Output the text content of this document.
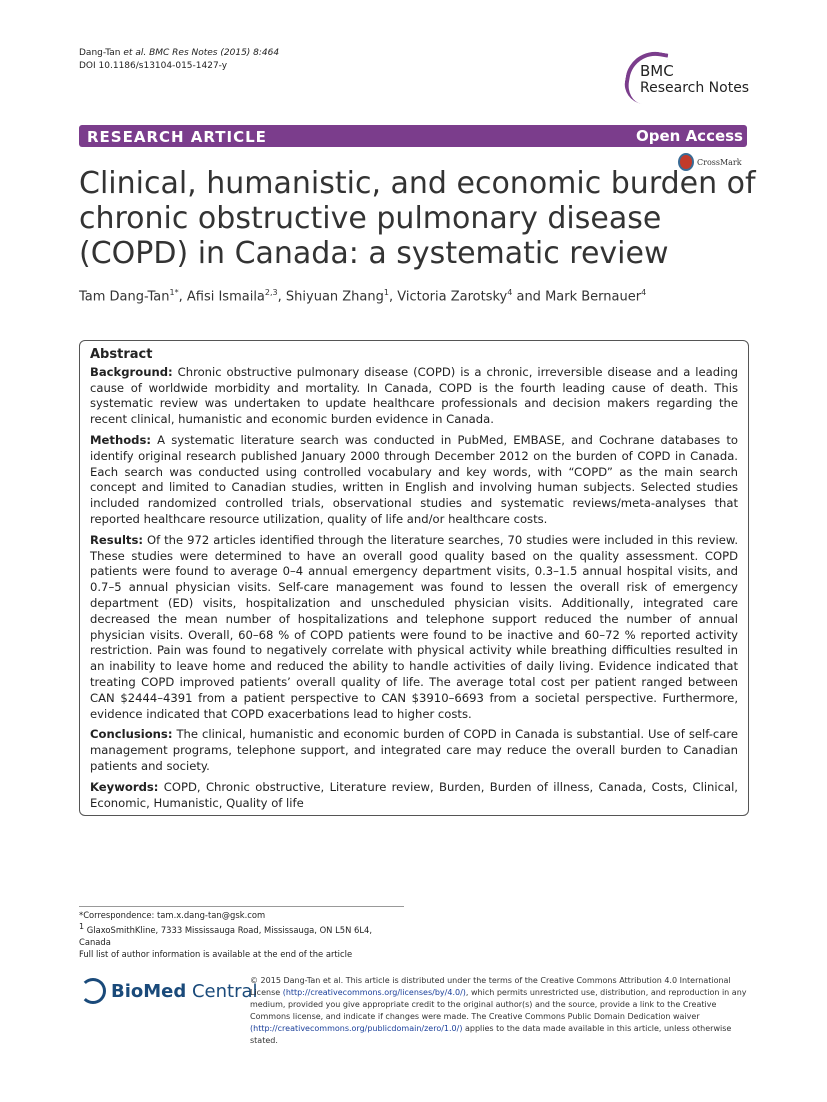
Dang-Tan et al. BMC Res Notes (2015) 8:464
DOI 10.1186/s13104-015-1427-y	BMC
Research Notes
RESEARCH ARTICLE	Open Access
CrossMark
Clinical, humanistic, and economic burden of chronic obstructive pulmonary disease (COPD) in Canada: a systematic review
Tam Dang-Tan$^{1*}$, Afisi Ismaila$^{2,3}$, Shiyuan Zhang$^1$, Victoria Zarotsky$^4$ and Mark Bernauer$^4$
Abstract

Background: Chronic obstructive pulmonary disease (COPD) is a chronic, irreversible disease and a leading cause of worldwide morbidity and mortality. In Canada, COPD is the fourth leading cause of death. This systematic review was undertaken to update healthcare professionals and decision makers regarding the recent clinical, humanistic and economic burden evidence in Canada.

Methods: A systematic literature search was conducted in PubMed, EMBASE, and Cochrane databases to identify original research published January 2000 through December 2012 on the burden of COPD in Canada. Each search was conducted using controlled vocabulary and key words, with “COPD” as the main search concept and limited to Canadian studies, written in English and involving human subjects. Selected studies included randomized controlled trials, observational studies and systematic reviews/meta-analyses that reported healthcare resource utilization, quality of life and/or healthcare costs.

Results: Of the 972 articles identified through the literature searches, 70 studies were included in this review. These studies were determined to have an overall good quality based on the quality assessment. COPD patients were found to average 0–4 annual emergency department visits, 0.3–1.5 annual hospital visits, and 0.7–5 annual physician visits. Self-care management was found to lessen the overall risk of emergency department (ED) visits, hospitalization and unscheduled physician visits. Additionally, integrated care decreased the mean number of hospitalizations and telephone support reduced the number of annual physician visits. Overall, 60–68 % of COPD patients were found to be inactive and 60–72 % reported activity restriction. Pain was found to negatively correlate with physical activity while breathing difficulties resulted in an inability to leave home and reduced the ability to handle activities of daily living. Evidence indicated that treating COPD improved patients’ overall quality of life. The average total cost per patient ranged between CAN $2444–4391 from a patient perspective to CAN $3910–6693 from a societal perspective. Furthermore, evidence indicated that COPD exacerbations lead to higher costs.

Conclusions: The clinical, humanistic and economic burden of COPD in Canada is substantial. Use of self-care management programs, telephone support, and integrated care may reduce the overall burden to Canadian patients and society.

Keywords: COPD, Chronic obstructive, Literature review, Burden, Burden of illness, Canada, Costs, Clinical, Economic, Humanistic, Quality of life

*Correspondence: tam.x.dang-tan@gsk.com
$^1$ GlaxoSmithKline, 7333 Mississauga Road, Mississauga, ON L5N 6L4, Canada
Full list of author information is available at the end of the article
BioMed Central
© 2015 Dang-Tan et al. This article is distributed under the terms of the Creative Commons Attribution 4.0 International License (http://creativecommons.org/licenses/by/4.0/), which permits unrestricted use, distribution, and reproduction in any medium, provided you give appropriate credit to the original author(s) and the source, provide a link to the Creative Commons license, and indicate if changes were made. The Creative Commons Public Domain Dedication waiver (http://creativecommons.org/publicdomain/zero/1.0/) applies to the data made available in this article, unless otherwise stated.
